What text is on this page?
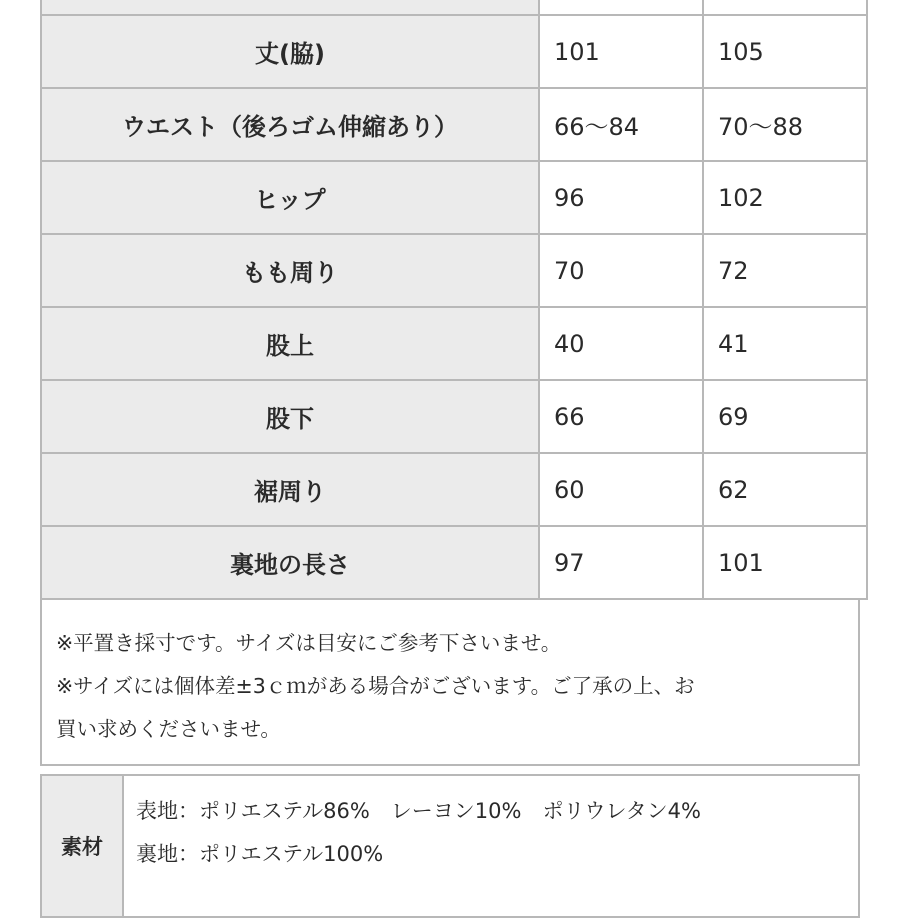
丈(脇)	101	105
ウエスト（後ろゴム伸縮あり）	66〜84	70〜88
ヒップ	96	102
もも周り	70	72
股上	40	41
股下	66	69
裾周り	60	62
裏地の長さ	97	101
※平置き採寸です。サイズは目安にご参考下さいませ。
※サイズには個体差±3ｃｍがある場合がございます。ご了承の上、お
買い求めくださいませ。
素材
表地：ポリエステル86%　レーヨン10%　ポリウレタン4%
裏地：ポリエステル100%
